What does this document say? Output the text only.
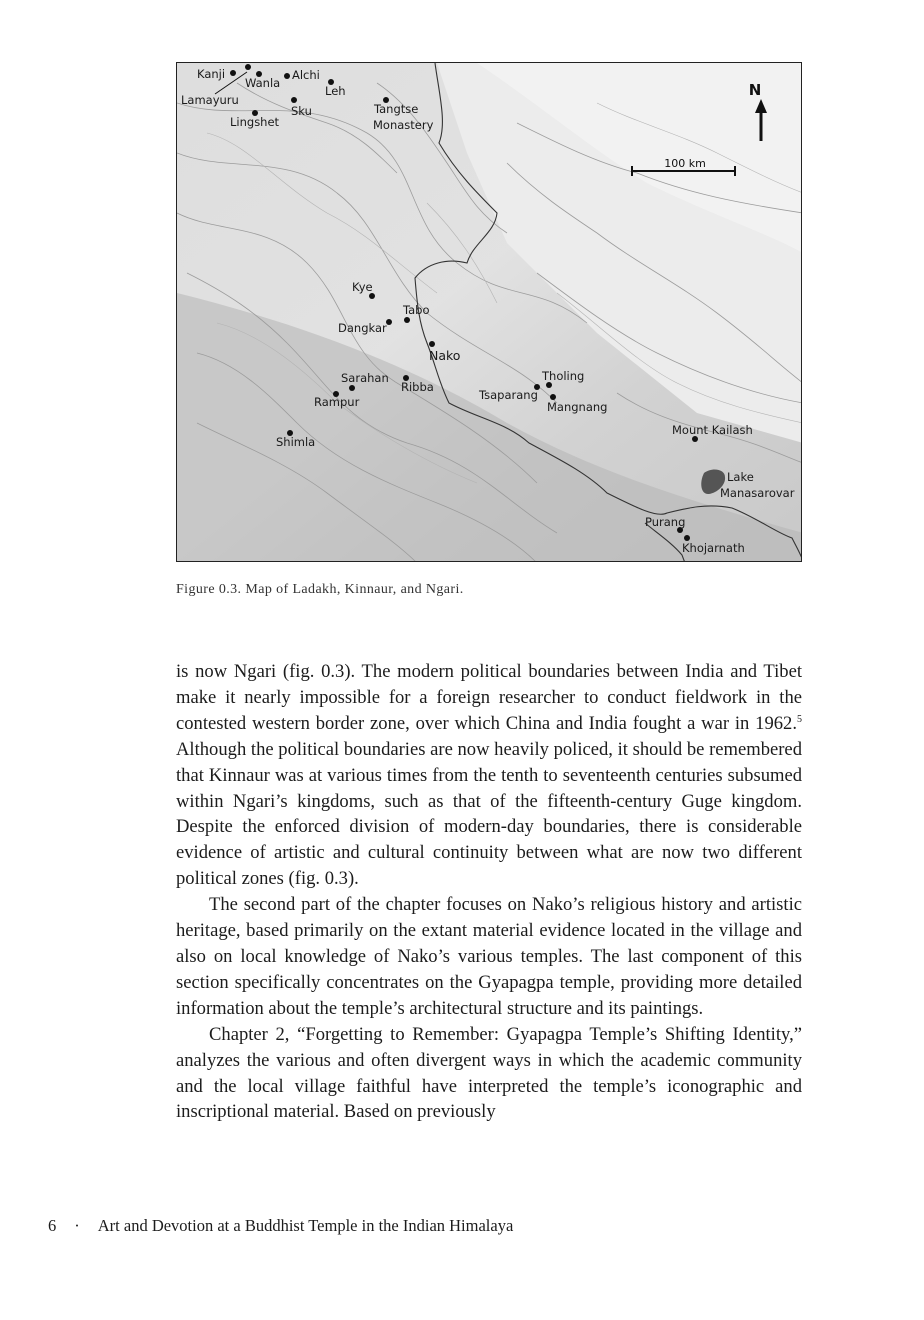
N
100 km
Kanji
Wanla
Alchi
Leh
Lamayuru
Sku
Lingshet
Tangtse
Monastery
Kye
Tabo
Dangkar
Nako
Sarahan
Ribba
Rampur
Shimla
Tholing
Tsaparang
Mangnang
Mount Kailash
Lake
Manasarovar
Purang
Khojarnath
Figure 0.3. Map of Ladakh, Kinnaur, and Ngari.

is now Ngari (fig. 0.3). The modern political boundaries between India and Tibet make it nearly impossible for a foreign researcher to conduct fieldwork in the contested western border zone, over which China and India fought a war in 1962.$^5$ Although the political boundaries are now heavily policed, it should be remembered that Kinnaur was at various times from the tenth to seventeenth centuries subsumed within Ngari’s kingdoms, such as that of the fifteenth-century Guge kingdom. Despite the enforced division of modern-day boundaries, there is considerable evidence of artistic and cultural continuity between what are now two different political zones (fig. 0.3).

The second part of the chapter focuses on Nako’s religious history and artistic heritage, based primarily on the extant material evidence located in the village and also on local knowledge of Nako’s various temples. The last component of this section specifically concentrates on the Gyapagpa temple, providing more detailed information about the temple’s architectural structure and its paintings.

Chapter 2, “Forgetting to Remember: Gyapagpa Temple’s Shifting Identity,” analyzes the various and often divergent ways in which the academic community and the local village faithful have interpreted the temple’s iconographic and inscriptional material. Based on previously

6 · Art and Devotion at a Buddhist Temple in the Indian Himalaya
